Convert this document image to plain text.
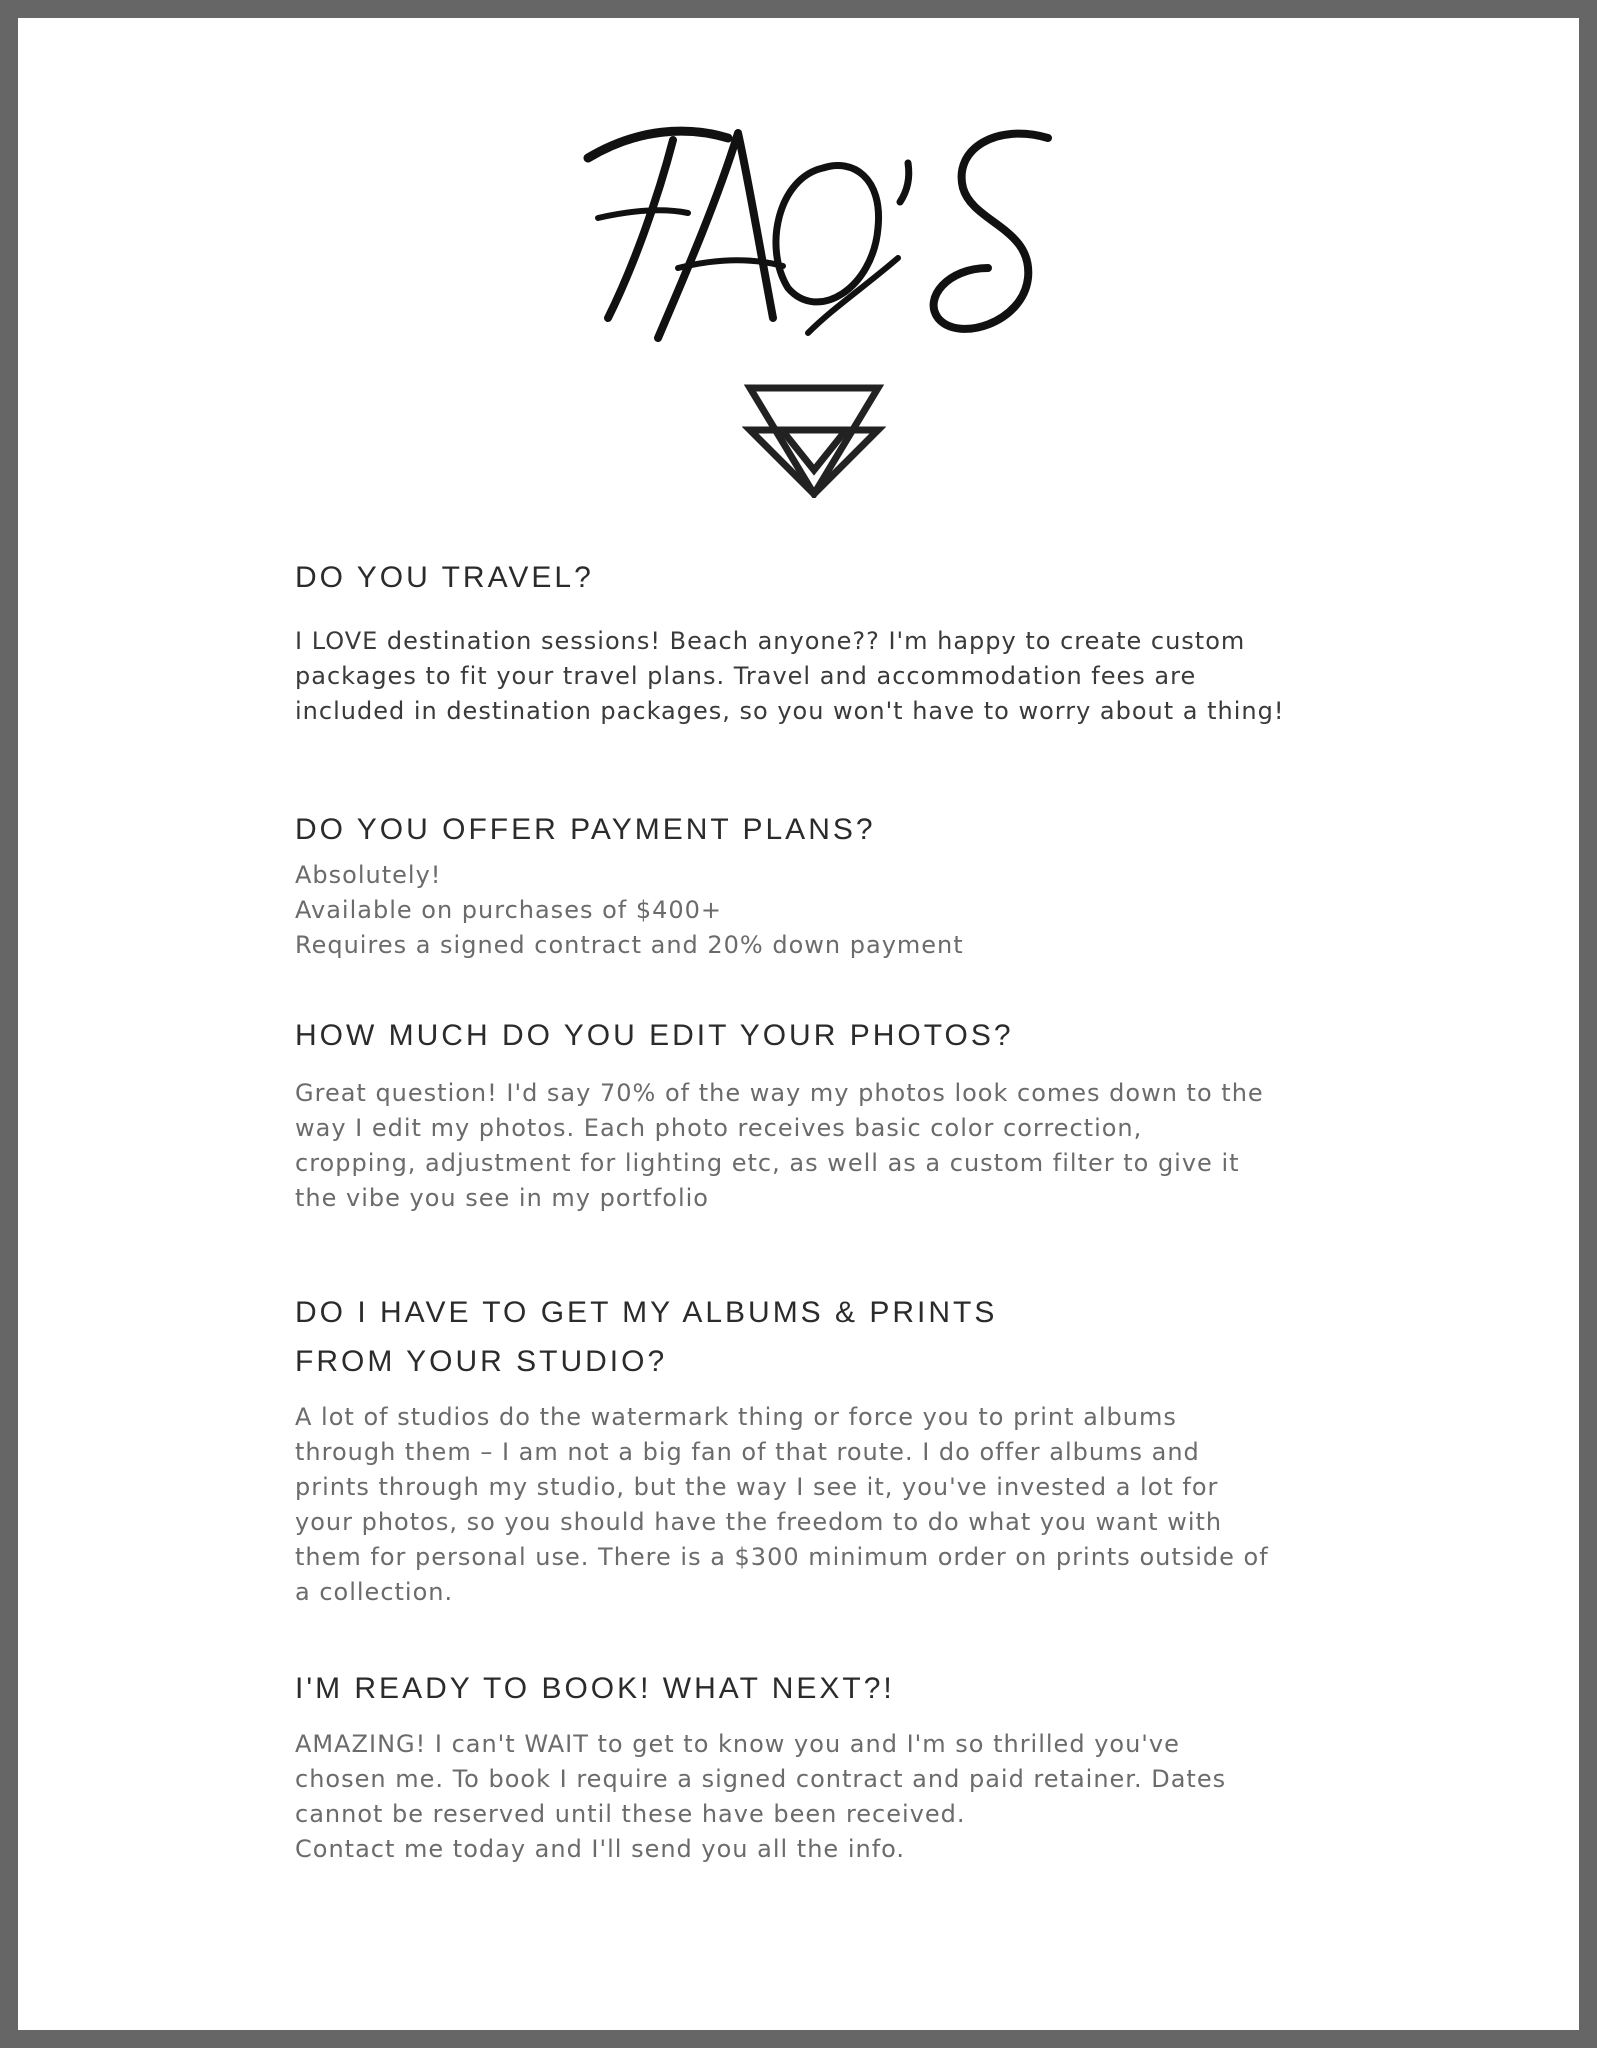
DO YOU TRAVEL?

I LOVE destination sessions! Beach anyone?? I'm happy to create custom
packages to fit your travel plans. Travel and accommodation fees are
included in destination packages, so you won't have to worry about a thing!

DO YOU OFFER PAYMENT PLANS?

Absolutely!
Available on purchases of $400+
Requires a signed contract and 20% down payment

HOW MUCH DO YOU EDIT YOUR PHOTOS?

Great question! I'd say 70% of the way my photos look comes down to the
way I edit my photos. Each photo receives basic color correction,
cropping, adjustment for lighting etc, as well as a custom filter to give it
the vibe you see in my portfolio

DO I HAVE TO GET MY ALBUMS & PRINTS
FROM YOUR STUDIO?

A lot of studios do the watermark thing or force you to print albums
through them – I am not a big fan of that route. I do offer albums and
prints through my studio, but the way I see it, you've invested a lot for
your photos, so you should have the freedom to do what you want with
them for personal use. There is a $300 minimum order on prints outside of
a collection.

I'M READY TO BOOK! WHAT NEXT?!

AMAZING! I can't WAIT to get to know you and I'm so thrilled you've
chosen me. To book I require a signed contract and paid retainer. Dates
cannot be reserved until these have been received.
Contact me today and I'll send you all the info.
